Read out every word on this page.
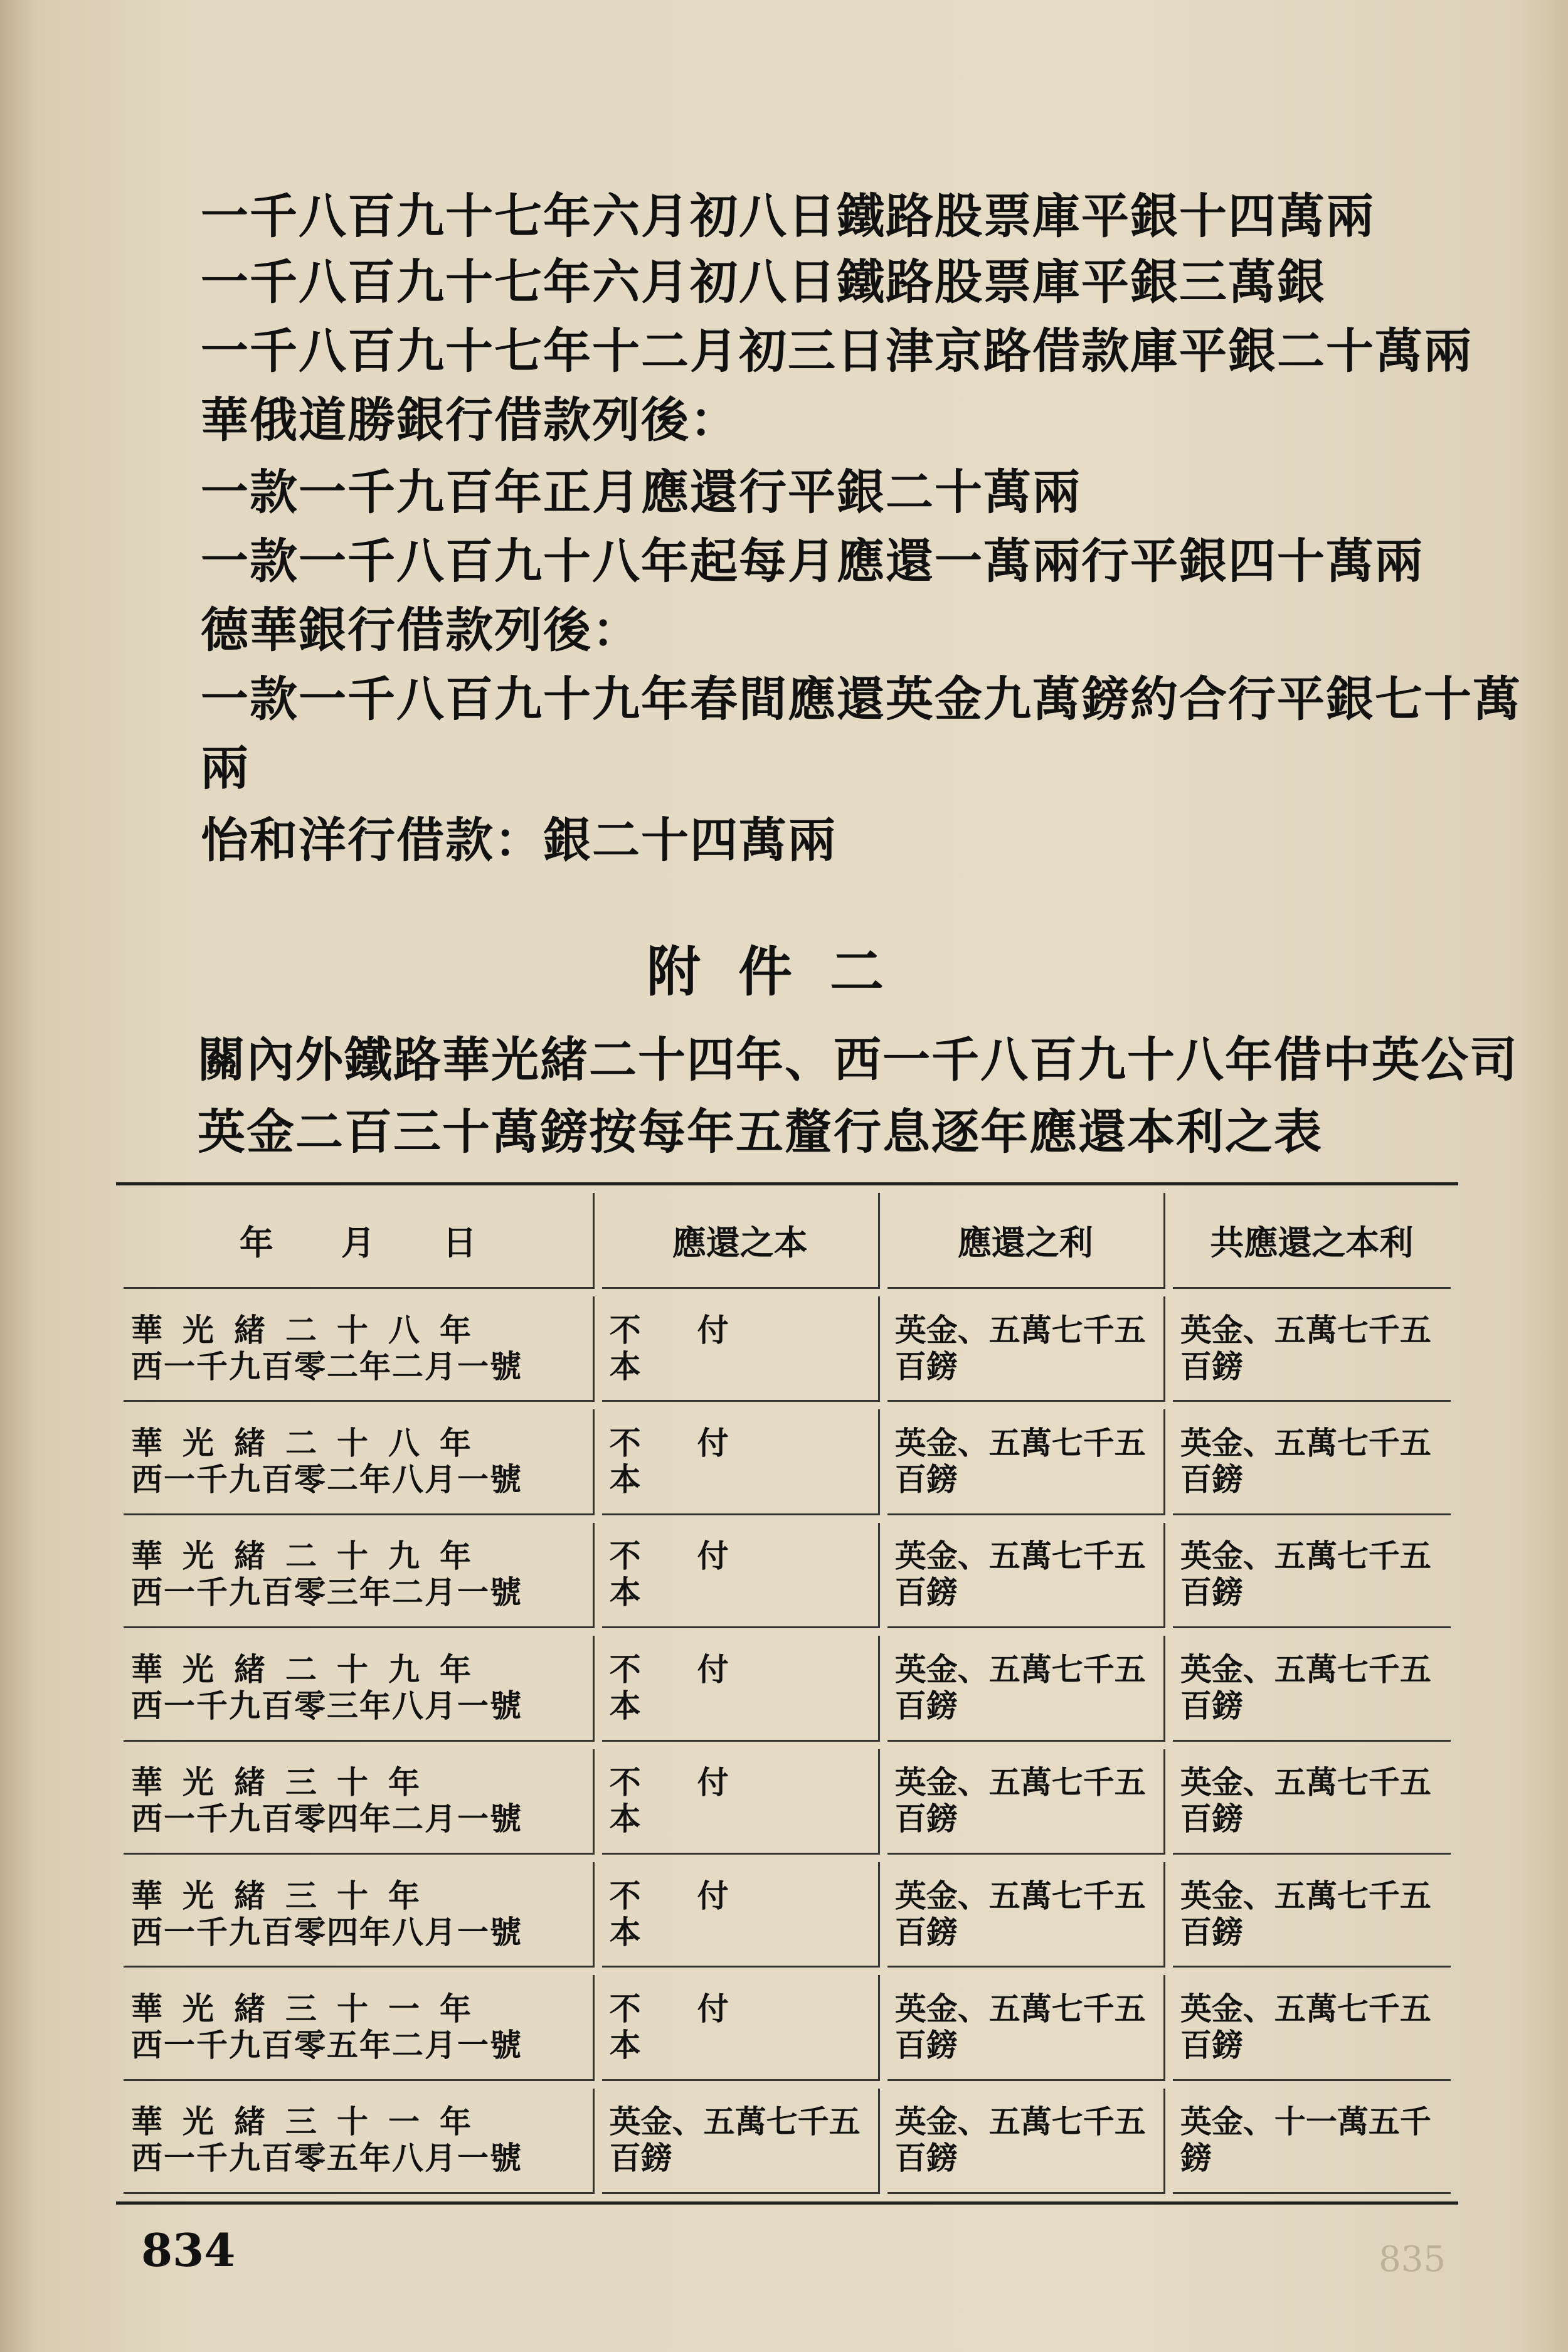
一千八百九十七年六月初八日鐵路股票庫平銀十四萬兩
一千八百九十七年六月初八日鐵路股票庫平銀三萬銀
一千八百九十七年十二月初三日津京路借款庫平銀二十萬兩
華俄道勝銀行借款列後：
一款一千九百年正月應還行平銀二十萬兩
一款一千八百九十八年起每月應還一萬兩行平銀四十萬兩
德華銀行借款列後：
一款一千八百九十九年春間應還英金九萬鎊約合行平銀七十萬
兩
怡和洋行借款：銀二十四萬兩
附件二
關內外鐵路華光緒二十四年、西一千八百九十八年借中英公司
英金二百三十萬鎊按每年五釐行息逐年應還本利之表
年　　月　　日	應還之本	應還之利	共應還之本利

華光緒二十八年
西一千九百零二年二月一號	不付本	英金、五萬七千五百鎊	英金、五萬七千五百鎊

華光緒二十八年
西一千九百零二年八月一號	不付本	英金、五萬七千五百鎊	英金、五萬七千五百鎊

華光緒二十九年
西一千九百零三年二月一號	不付本	英金、五萬七千五百鎊	英金、五萬七千五百鎊

華光緒二十九年
西一千九百零三年八月一號	不付本	英金、五萬七千五百鎊	英金、五萬七千五百鎊

華光緒三十年
西一千九百零四年二月一號	不付本	英金、五萬七千五百鎊	英金、五萬七千五百鎊

華光緒三十年
西一千九百零四年八月一號	不付本	英金、五萬七千五百鎊	英金、五萬七千五百鎊

華光緒三十一年
西一千九百零五年二月一號	不付本	英金、五萬七千五百鎊	英金、五萬七千五百鎊

華光緒三十一年
西一千九百零五年八月一號	英金、五萬七千五百鎊	英金、五萬七千五百鎊	英金、十一萬五千鎊
834	835
